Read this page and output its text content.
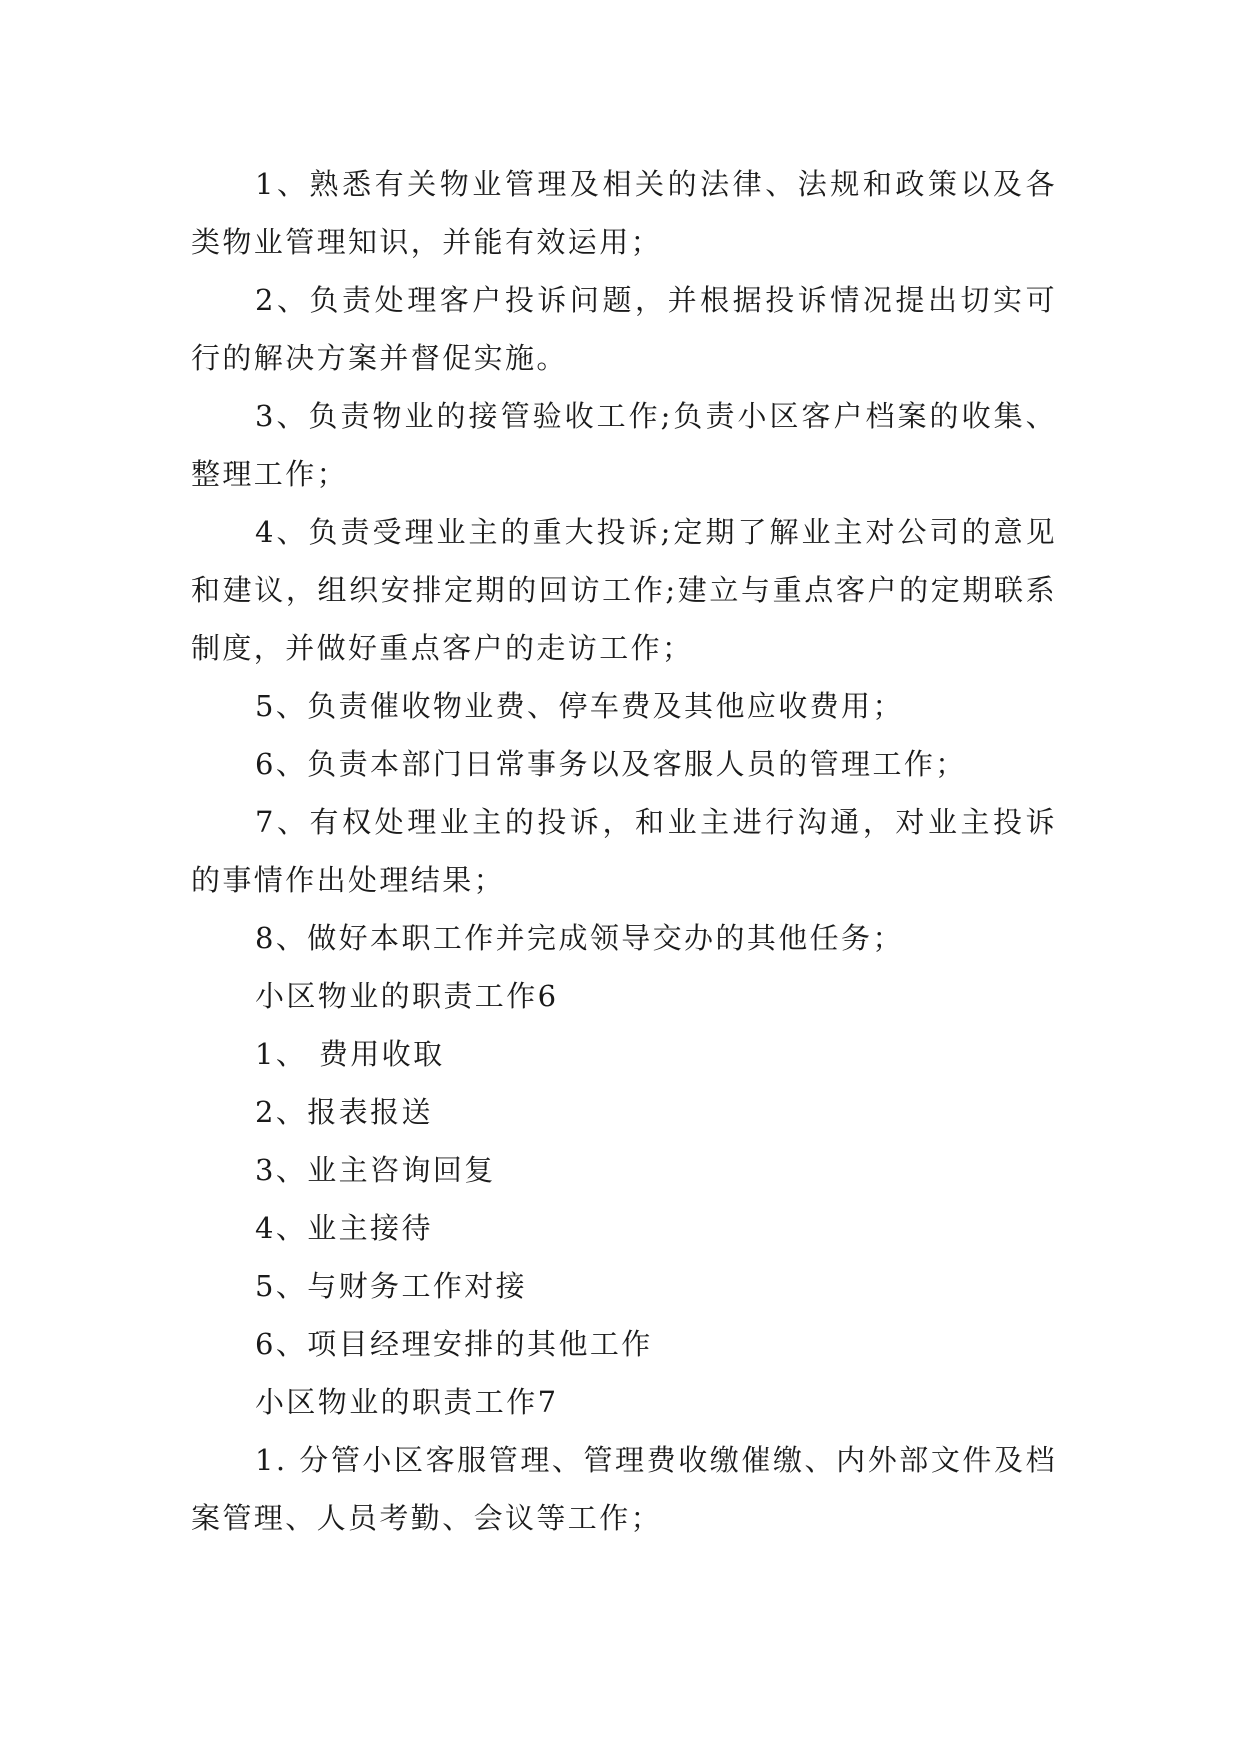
1、熟悉有关物业管理及相关的法律、法规和政策以及各类物业管理知识，并能有效运用；

2、负责处理客户投诉问题，并根据投诉情况提出切实可行的解决方案并督促实施。

3、负责物业的接管验收工作;负责小区客户档案的收集、整理工作；

4、负责受理业主的重大投诉;定期了解业主对公司的意见和建议，组织安排定期的回访工作;建立与重点客户的定期联系制度，并做好重点客户的走访工作；

5、负责催收物业费、停车费及其他应收费用；

6、负责本部门日常事务以及客服人员的管理工作；

7、有权处理业主的投诉，和业主进行沟通，对业主投诉的事情作出处理结果；

8、做好本职工作并完成领导交办的其他任务；

小区物业的职责工作6

1、 费用收取

2、报表报送

3、业主咨询回复

4、业主接待

5、与财务工作对接

6、项目经理安排的其他工作

小区物业的职责工作7

1. 分管小区客服管理、管理费收缴催缴、内外部文件及档案管理、人员考勤、会议等工作；
